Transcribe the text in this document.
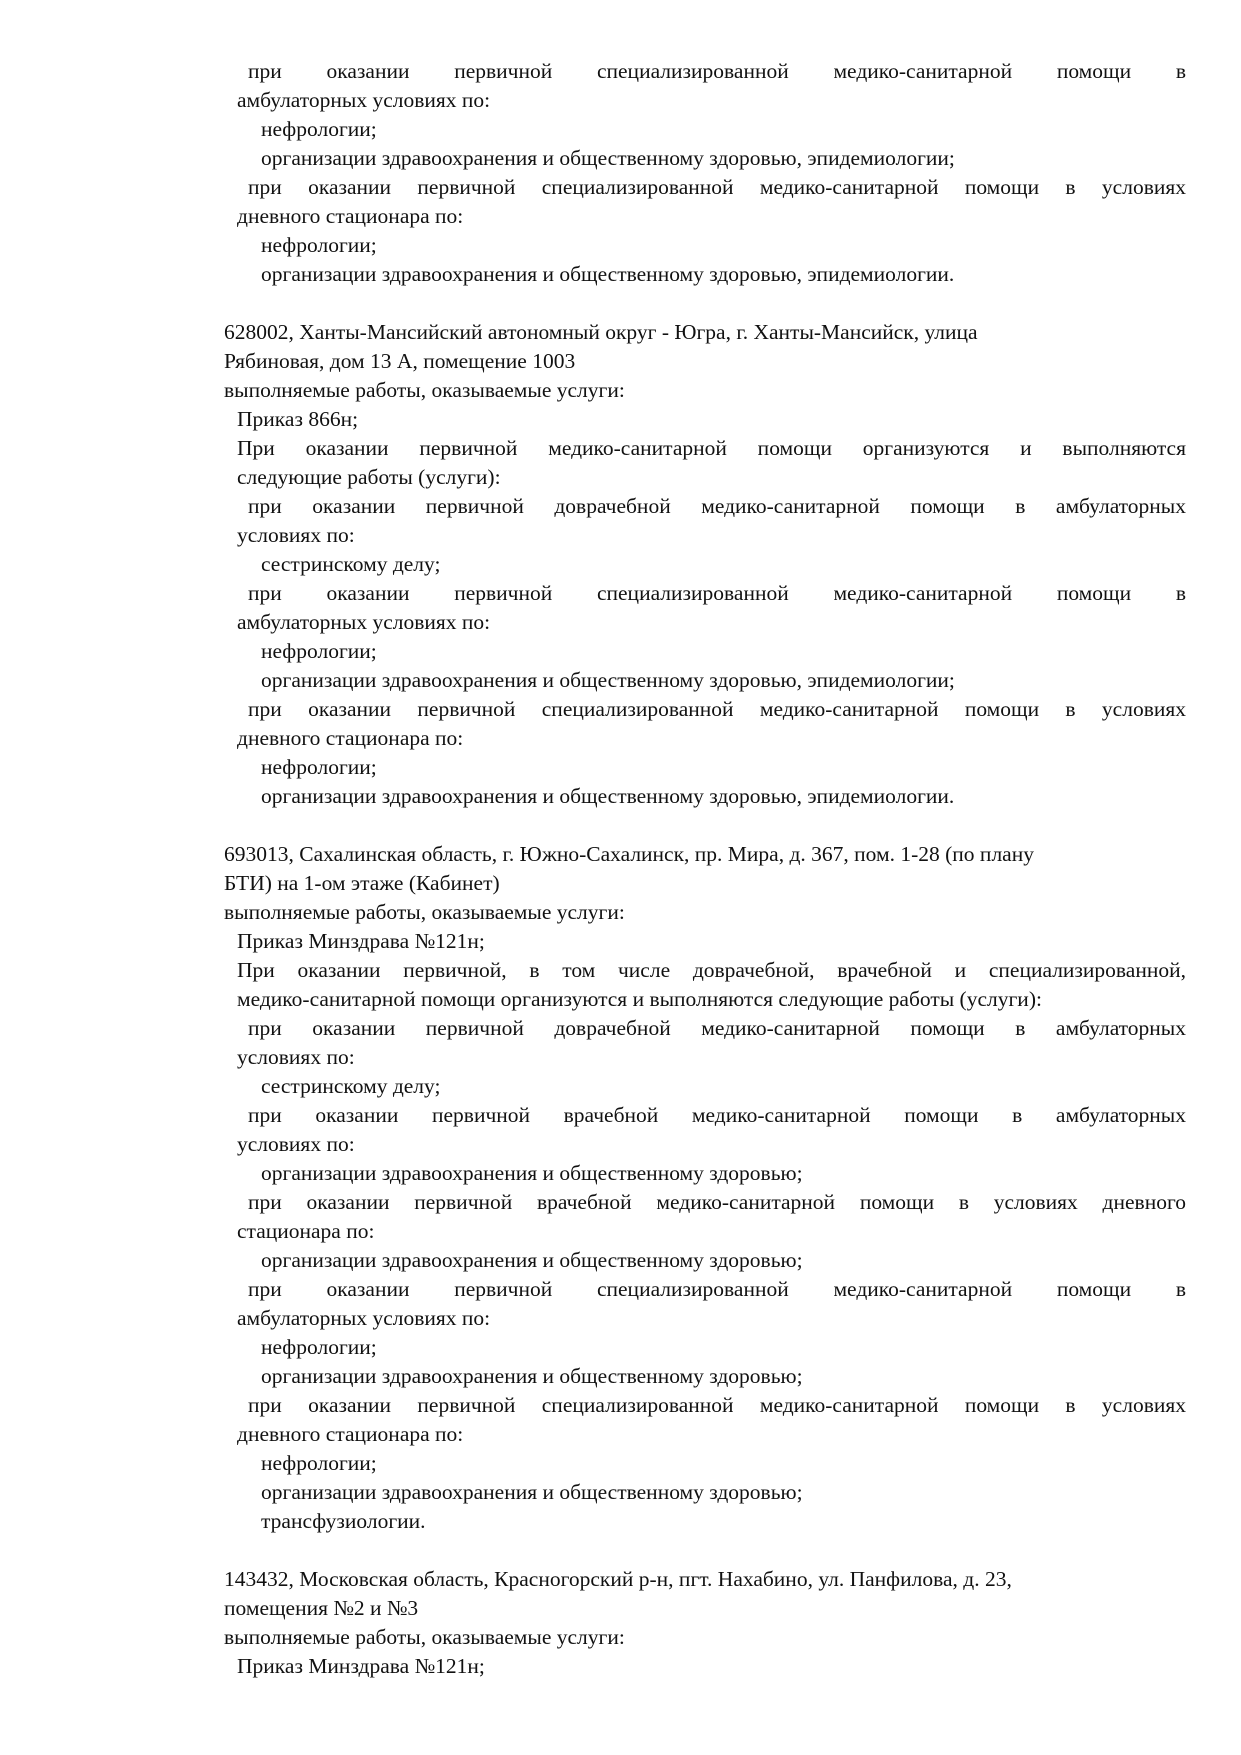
при оказании первичной специализированной медико-санитарной помощи в
амбулаторных условиях по:
нефрологии;
организации здравоохранения и общественному здоровью, эпидемиологии;
при оказании первичной специализированной медико-санитарной помощи в условиях
дневного стационара по:
нефрологии;
организации здравоохранения и общественному здоровью, эпидемиологии.
628002, Ханты-Мансийский автономный округ - Югра, г. Ханты-Мансийск, улица
Рябиновая, дом 13 А, помещение 1003
выполняемые работы, оказываемые услуги:
Приказ 866н;
При оказании первичной медико-санитарной помощи организуются и выполняются
следующие работы (услуги):
при оказании первичной доврачебной медико-санитарной помощи в амбулаторных
условиях по:
сестринскому делу;
при оказании первичной специализированной медико-санитарной помощи в
амбулаторных условиях по:
нефрологии;
организации здравоохранения и общественному здоровью, эпидемиологии;
при оказании первичной специализированной медико-санитарной помощи в условиях
дневного стационара по:
нефрологии;
организации здравоохранения и общественному здоровью, эпидемиологии.
693013, Сахалинская область, г. Южно-Сахалинск, пр. Мира, д. 367, пом. 1-28 (по плану
БТИ) на 1-ом этаже (Кабинет)
выполняемые работы, оказываемые услуги:
Приказ Минздрава №121н;
При оказании первичной, в том числе доврачебной, врачебной и специализированной,
медико-санитарной помощи организуются и выполняются следующие работы (услуги):
при оказании первичной доврачебной медико-санитарной помощи в амбулаторных
условиях по:
сестринскому делу;
при оказании первичной врачебной медико-санитарной помощи в амбулаторных
условиях по:
организации здравоохранения и общественному здоровью;
при оказании первичной врачебной медико-санитарной помощи в условиях дневного
стационара по:
организации здравоохранения и общественному здоровью;
при оказании первичной специализированной медико-санитарной помощи в
амбулаторных условиях по:
нефрологии;
организации здравоохранения и общественному здоровью;
при оказании первичной специализированной медико-санитарной помощи в условиях
дневного стационара по:
нефрологии;
организации здравоохранения и общественному здоровью;
трансфузиологии.
143432, Московская область, Красногорский р-н, пгт. Нахабино, ул. Панфилова, д. 23,
помещения №2 и №3
выполняемые работы, оказываемые услуги:
Приказ Минздрава №121н;
